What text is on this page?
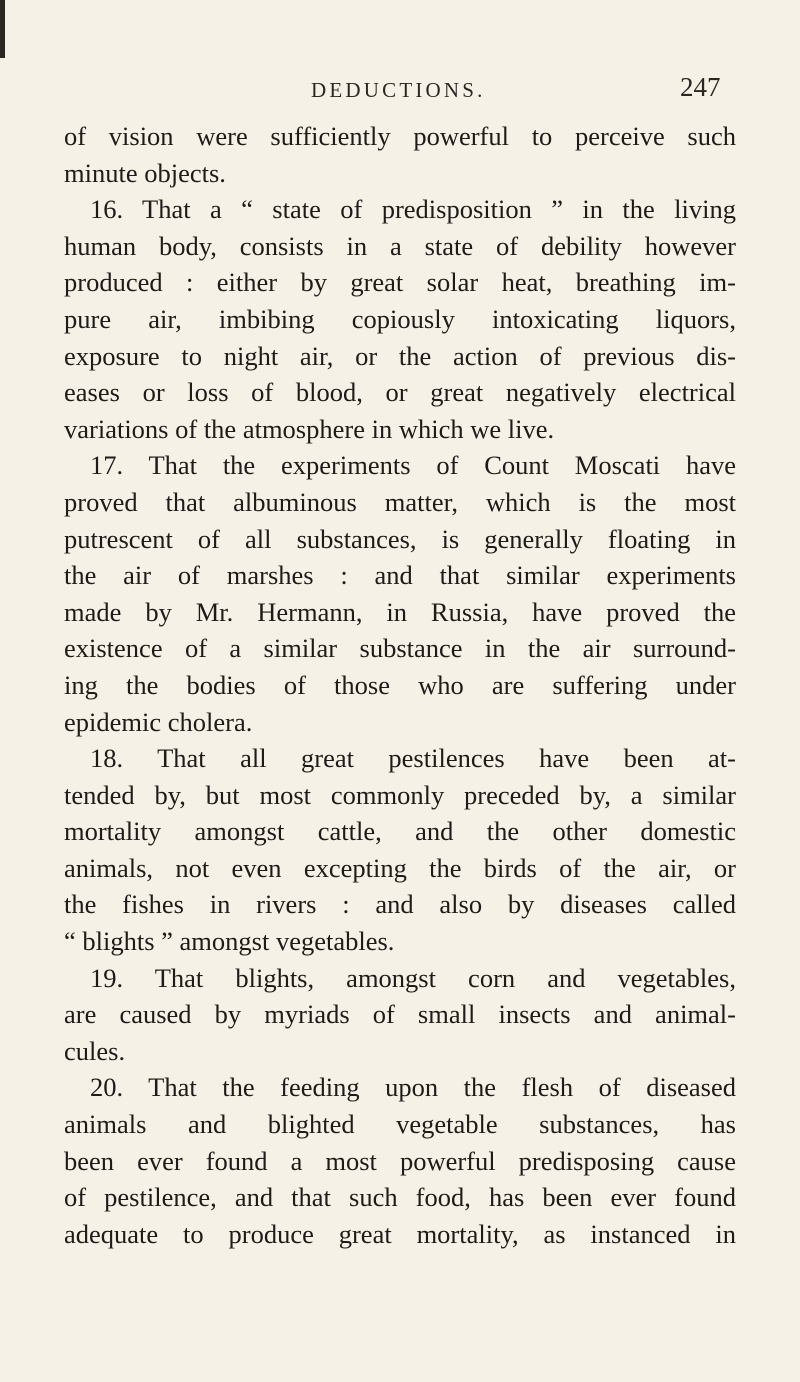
DEDUCTIONS.	247
of vision were sufficiently powerful to perceive such
minute objects.
16. That a “ state of predisposition ” in the living
human body, consists in a state of debility however
produced : either by great solar heat, breathing im-
pure air, imbibing copiously intoxicating liquors,
exposure to night air, or the action of previous dis-
eases or loss of blood, or great negatively electrical
variations of the atmosphere in which we live.
17. That the experiments of Count Moscati have
proved that albuminous matter, which is the most
putrescent of all substances, is generally floating in
the air of marshes : and that similar experiments
made by Mr. Hermann, in Russia, have proved the
existence of a similar substance in the air surround-
ing the bodies of those who are suffering under
epidemic cholera.
18. That all great pestilences have been at-
tended by, but most commonly preceded by, a similar
mortality amongst cattle, and the other domestic
animals, not even excepting the birds of the air, or
the fishes in rivers : and also by diseases called
“ blights ” amongst vegetables.
19. That blights, amongst corn and vegetables,
are caused by myriads of small insects and animal-
cules.
20. That the feeding upon the flesh of diseased
animals and blighted vegetable substances, has
been ever found a most powerful predisposing cause
of pestilence, and that such food, has been ever found
adequate to produce great mortality, as instanced in
